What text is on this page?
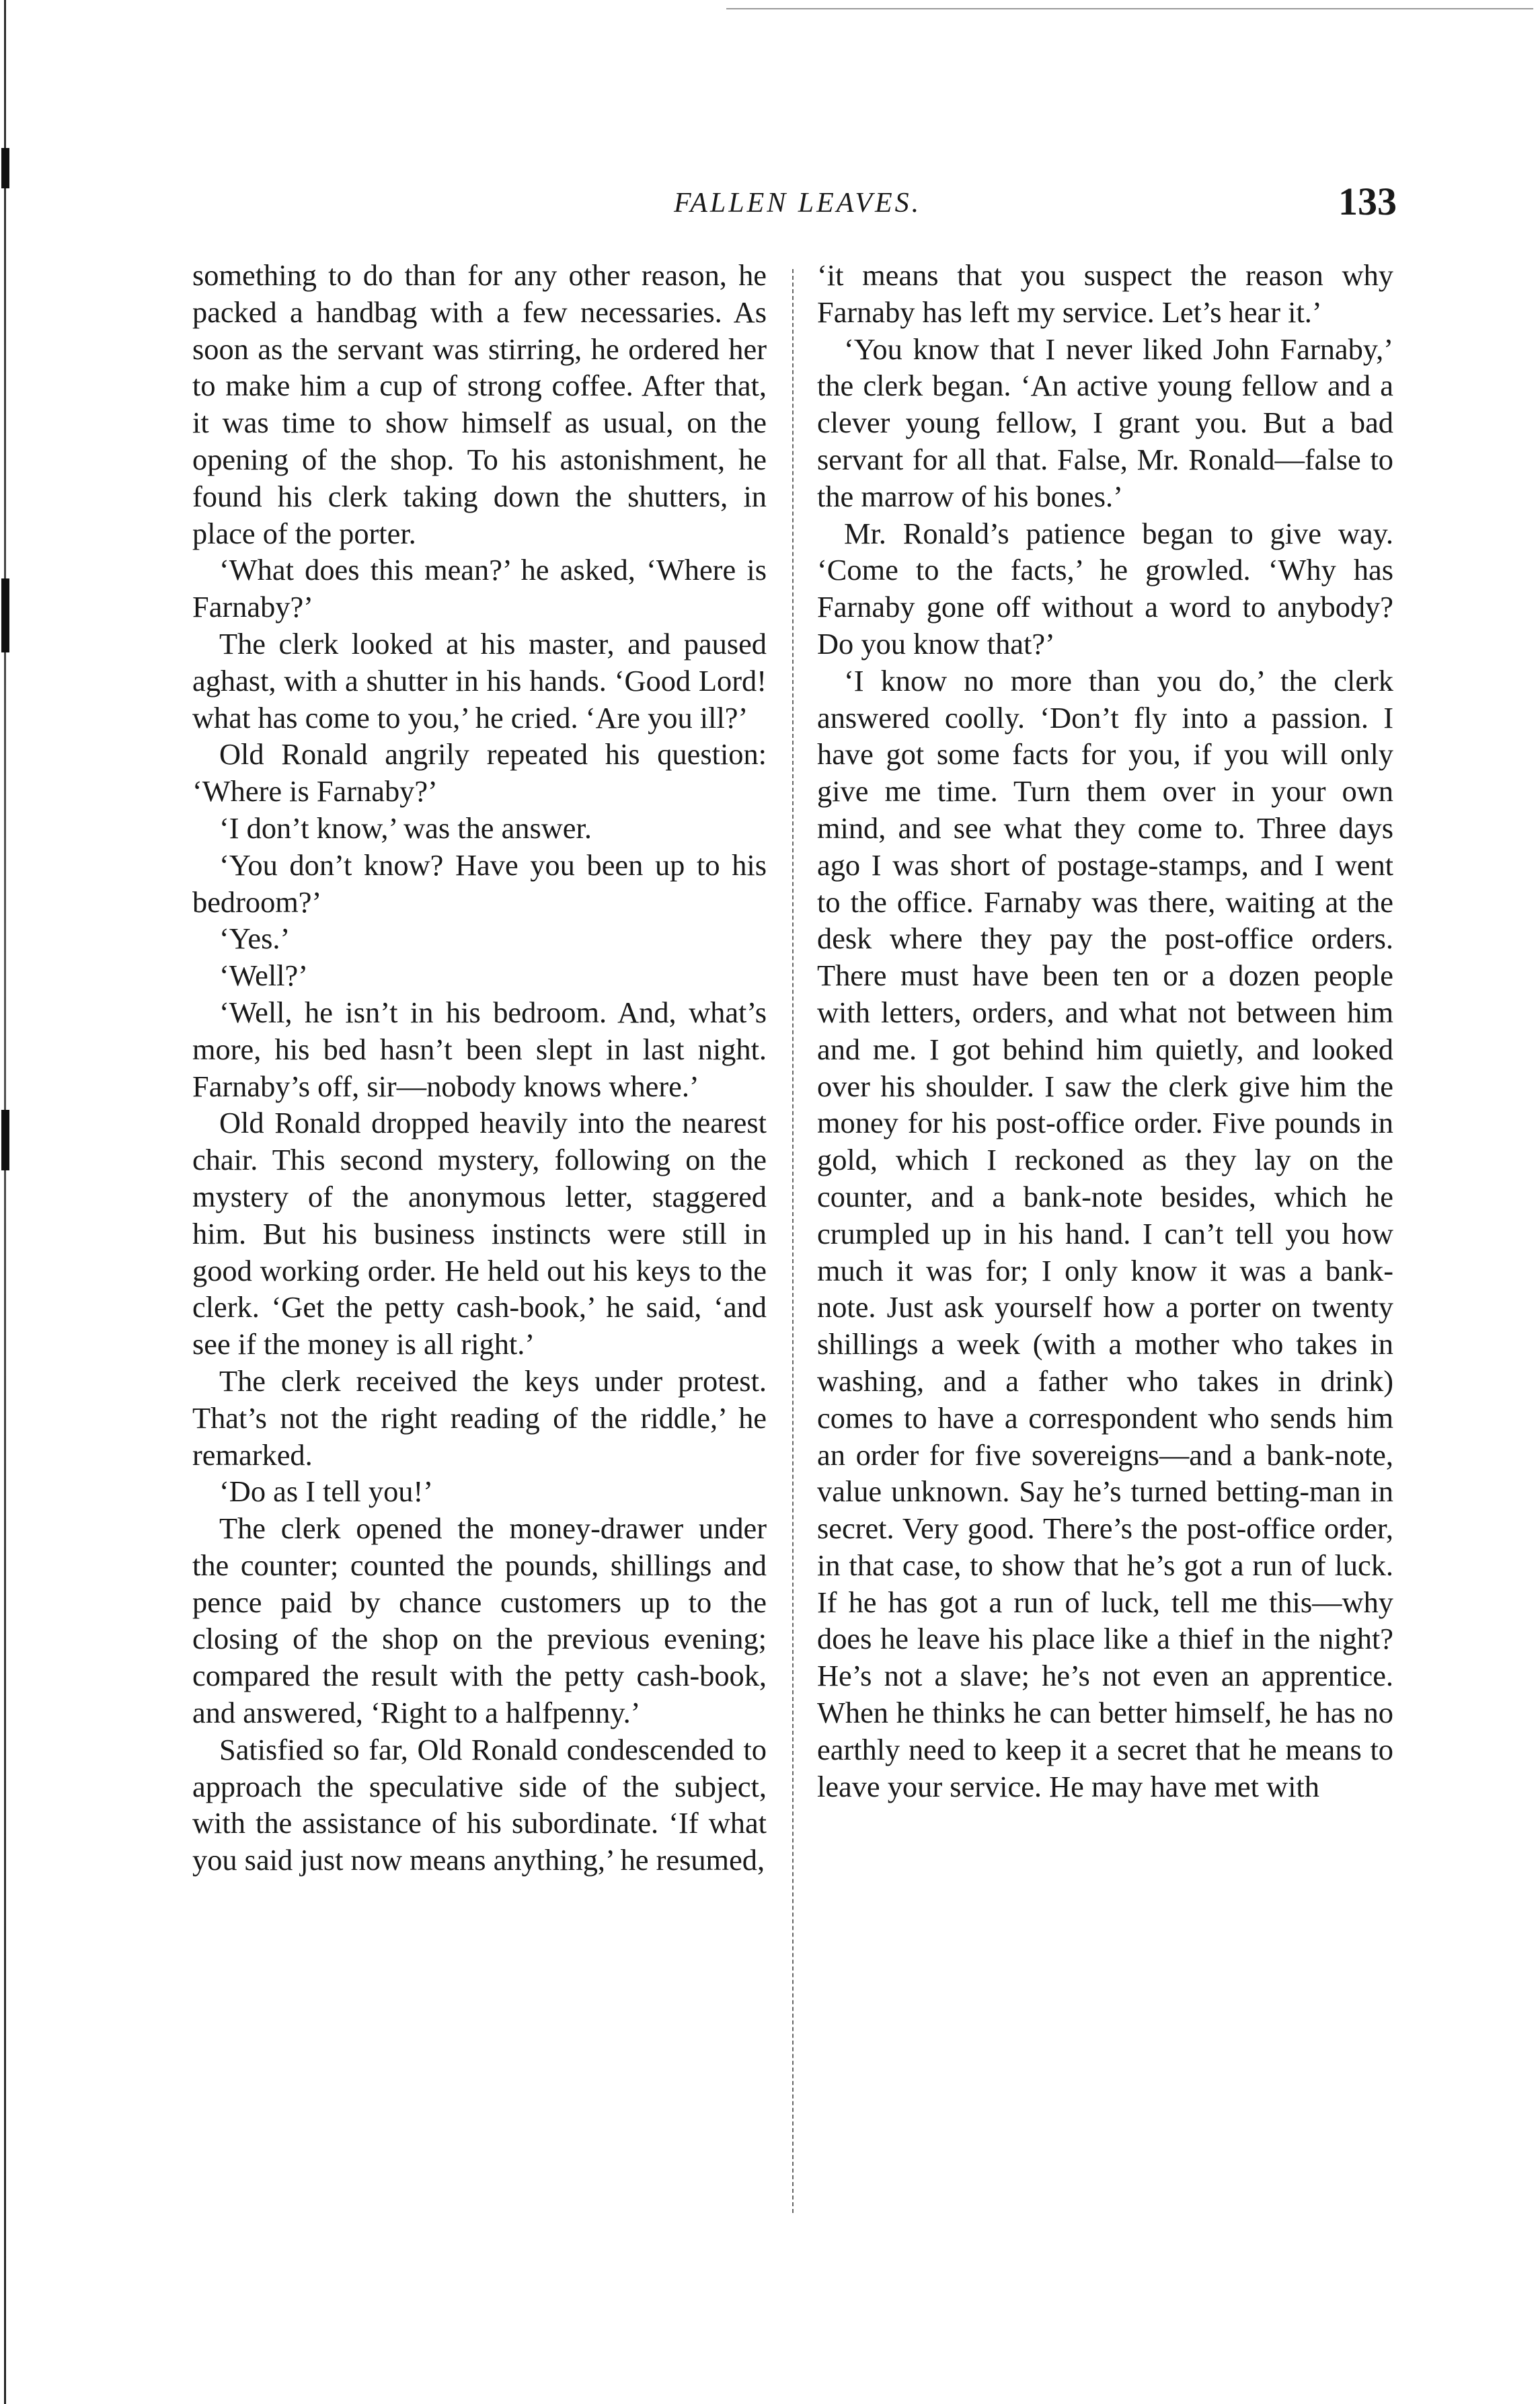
FALLEN LEAVES.	133

something to do than for any other reason, he packed a handbag with a few necessaries. As soon as the servant was stirring, he ordered her to make him a cup of strong coffee. After that, it was time to show himself as usual, on the opening of the shop. To his astonishment, he found his clerk taking down the shutters, in place of the porter.

‘What does this mean?’ he asked, ‘Where is Farnaby?’

The clerk looked at his master, and paused aghast, with a shutter in his hands. ‘Good Lord! what has come to you,’ he cried. ‘Are you ill?’

Old Ronald angrily repeated his question: ‘Where is Farnaby?’

‘I don’t know,’ was the answer.

‘You don’t know? Have you been up to his bedroom?’

‘Yes.’

‘Well?’

‘Well, he isn’t in his bedroom. And, what’s more, his bed hasn’t been slept in last night. Farnaby’s off, sir—nobody knows where.’

Old Ronald dropped heavily into the nearest chair. This second mystery, following on the mystery of the anonymous letter, staggered him. But his business instincts were still in good working order. He held out his keys to the clerk. ‘Get the petty cash-book,’ he said, ‘and see if the money is all right.’

The clerk received the keys under protest. That’s not the right reading of the riddle,’ he remarked.

‘Do as I tell you!’

The clerk opened the money-drawer under the counter; counted the pounds, shillings and pence paid by chance customers up to the closing of the shop on the previous evening; compared the result with the petty cash-book, and answered, ‘Right to a halfpenny.’

Satisfied so far, Old Ronald condescended to approach the speculative side of the subject, with the assistance of his subordinate. ‘If what you said just now means anything,’ he resumed,

‘it means that you suspect the reason why Farnaby has left my service. Let’s hear it.’

‘You know that I never liked John Farnaby,’ the clerk began. ‘An active young fellow and a clever young fellow, I grant you. But a bad servant for all that. False, Mr. Ronald—false to the marrow of his bones.’

Mr. Ronald’s patience began to give way. ‘Come to the facts,’ he growled. ‘Why has Farnaby gone off without a word to anybody? Do you know that?’

‘I know no more than you do,’ the clerk answered coolly. ‘Don’t fly into a passion. I have got some facts for you, if you will only give me time. Turn them over in your own mind, and see what they come to. Three days ago I was short of postage-stamps, and I went to the office. Farnaby was there, waiting at the desk where they pay the post-office orders. There must have been ten or a dozen people with letters, orders, and what not between him and me. I got behind him quietly, and looked over his shoulder. I saw the clerk give him the money for his post-office order. Five pounds in gold, which I reckoned as they lay on the counter, and a bank-note besides, which he crumpled up in his hand. I can’t tell you how much it was for; I only know it was a bank-note. Just ask yourself how a porter on twenty shillings a week (with a mother who takes in washing, and a father who takes in drink) comes to have a correspondent who sends him an order for five sovereigns—and a bank-note, value unknown. Say he’s turned betting-man in secret. Very good. There’s the post-office order, in that case, to show that he’s got a run of luck. If he has got a run of luck, tell me this—why does he leave his place like a thief in the night? He’s not a slave; he’s not even an apprentice. When he thinks he can better himself, he has no earthly need to keep it a secret that he means to leave your service. He may have met with
